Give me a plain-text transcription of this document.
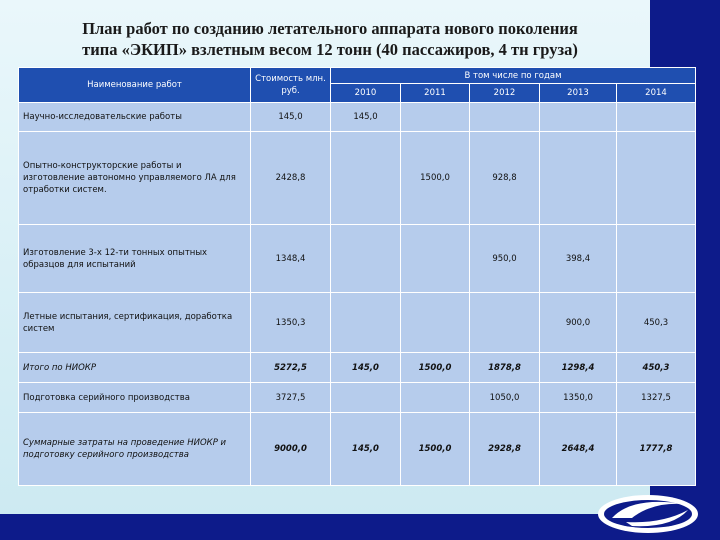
План работ по созданию летательного аппарата нового поколения
типа «ЭКИП» взлетным весом 12 тонн (40 пассажиров, 4 тн груза)
Наименование работ	Стоимость млн. руб.	В том числе по годам				
		2010	2011	2012	2013	2014
Научно-исследовательские работы	145,0	145,0				
Опытно-конструкторские работы и изготовление автономно управляемого ЛА для отработки систем.	2428,8		1500,0	928,8		
Изготовление 3-х 12-ти тонных опытных образцов для испытаний	1348,4			950,0	398,4	
Летные испытания, сертификация, доработка систем	1350,3				900,0	450,3
Итого по НИОКР	5272,5	145,0	1500,0	1878,8	1298,4	450,3
Подготовка серийного производства	3727,5			1050,0	1350,0	1327,5
Суммарные затраты на проведение НИОКР и подготовку серийного производства	9000,0	145,0	1500,0	2928,8	2648,4	1777,8
